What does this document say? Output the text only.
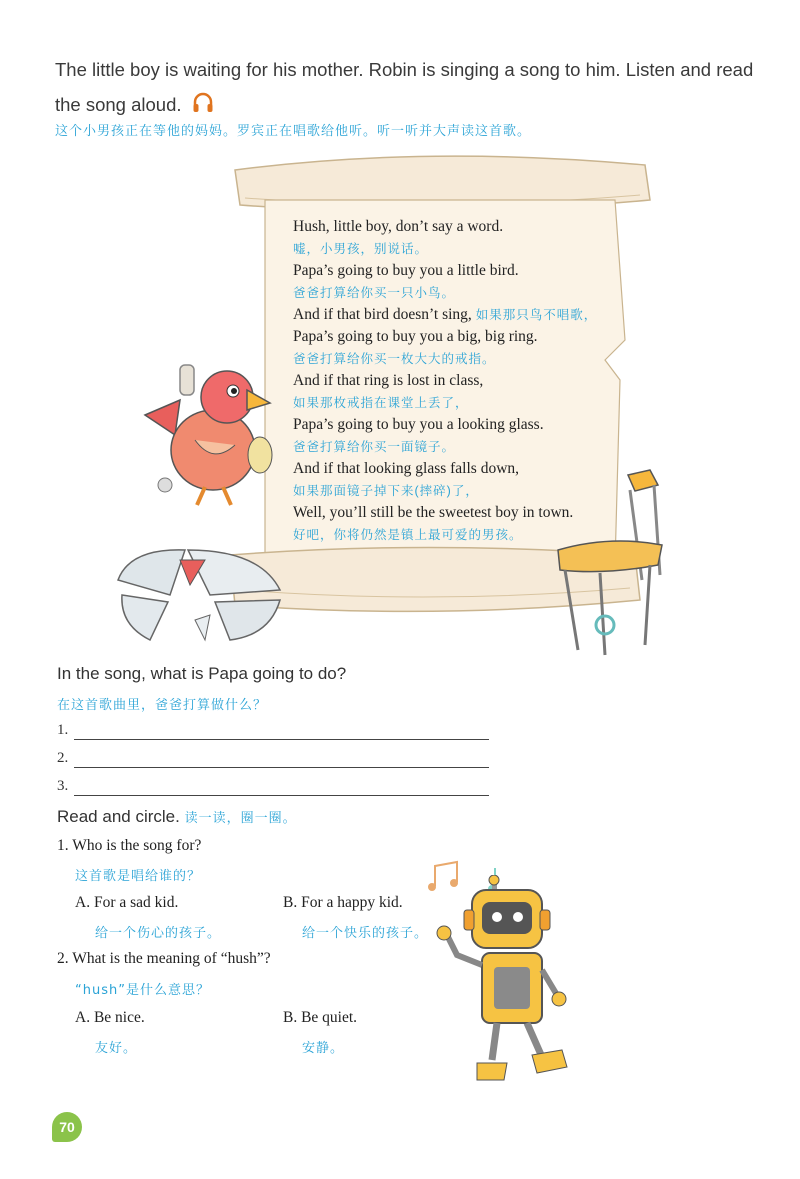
The little boy is waiting for his mother. Robin is singing a song to him. Listen and read the song aloud.
这个小男孩正在等他的妈妈。罗宾正在唱歌给他听。听一听并大声读这首歌。
Hush, little boy, don’t say a word.
嘘，小男孩，别说话。
Papa’s going to buy you a little bird.
爸爸打算给你买一只小鸟。
And if that bird doesn’t sing, 如果那只鸟不唱歌，
Papa’s going to buy you a big, big ring.
爸爸打算给你买一枚大大的戒指。
And if that ring is lost in class,
如果那枚戒指在课堂上丢了，
Papa’s going to buy you a looking glass.
爸爸打算给你买一面镜子。
And if that looking glass falls down,
如果那面镜子掉下来(摔碎)了，
Well, you’ll still be the sweetest boy in town.
好吧，你将仍然是镇上最可爱的男孩。
In the song, what is Papa going to do?
在这首歌曲里，爸爸打算做什么？
1.
2.
3.
Read and circle. 读一读，圈一圈。
1. Who is the song for?
这首歌是唱给谁的？
A. For a sad kid.
给一个伤心的孩子。
B. For a happy kid.
给一个快乐的孩子。
2. What is the meaning of “hush”?
“hush”是什么意思？
A. Be nice.
友好。
B. Be quiet.
安静。
70
